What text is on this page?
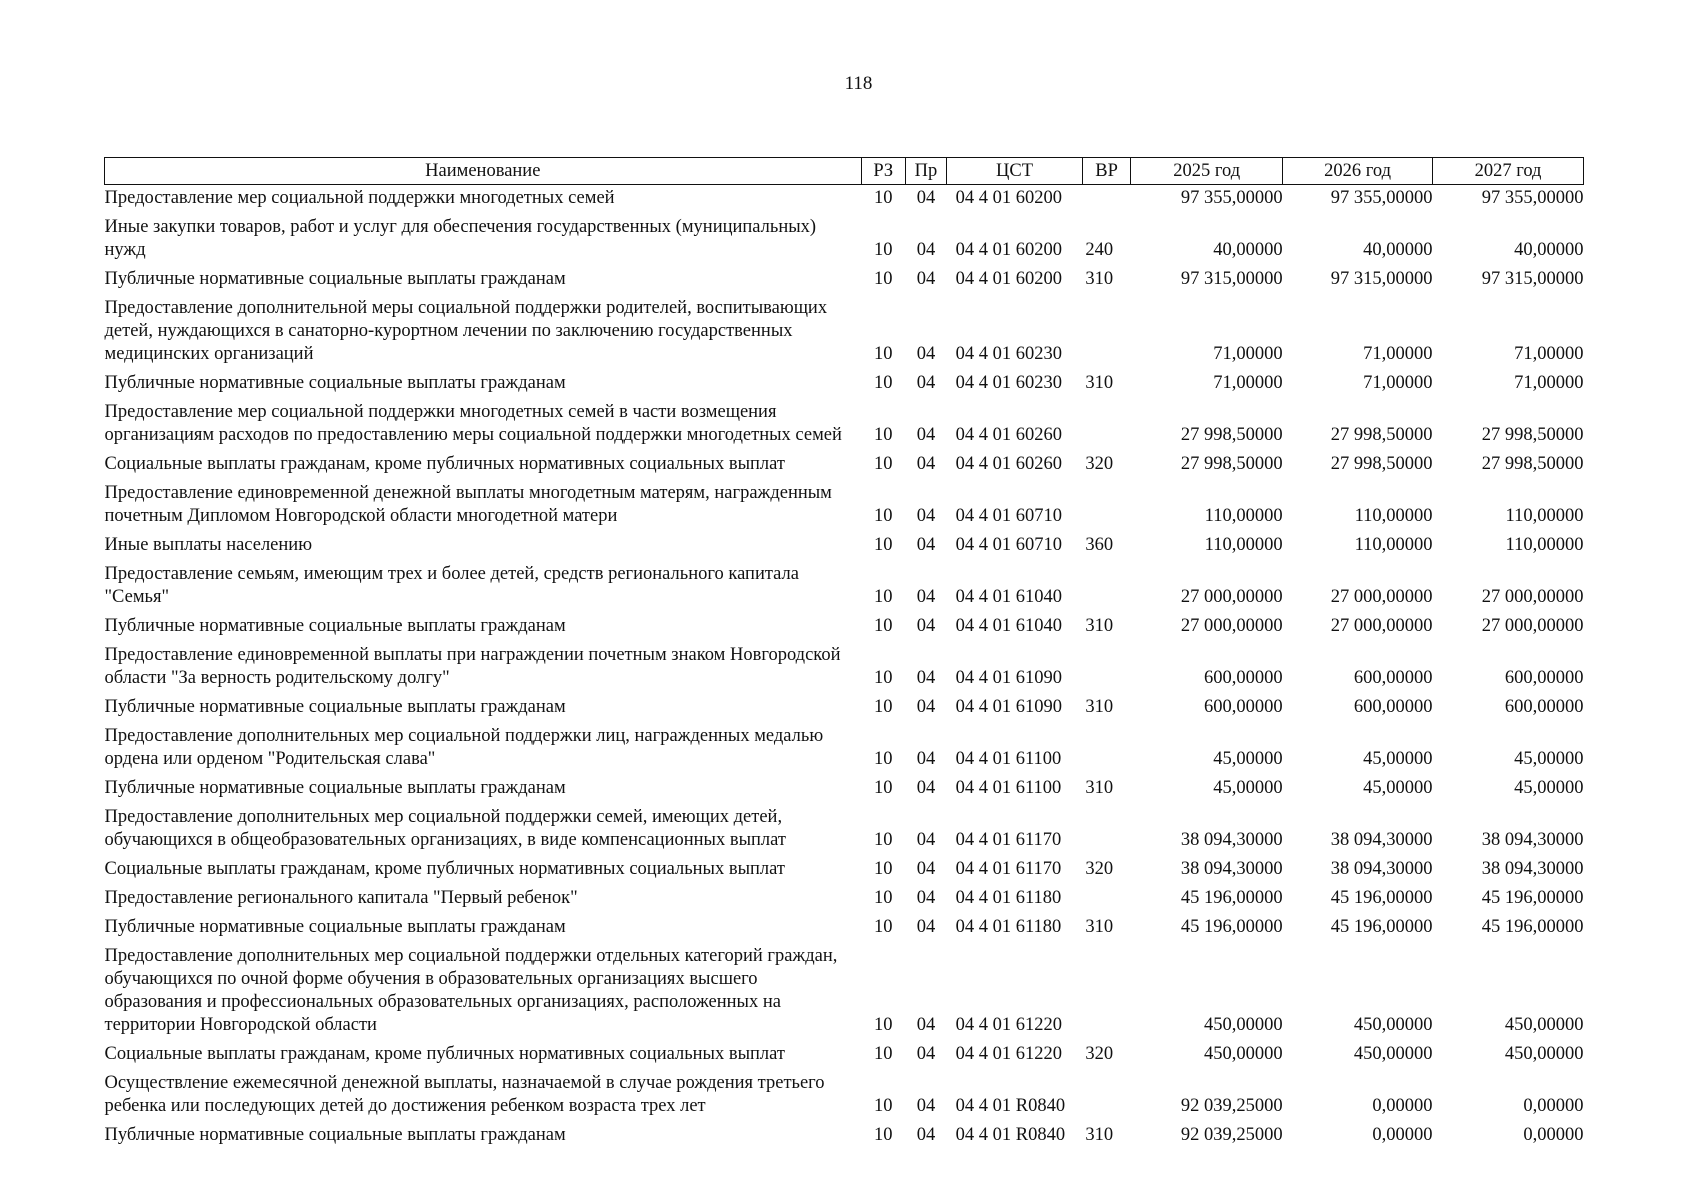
118
Наименование	РЗ	Пр	ЦСТ	ВР	2025 год	2026 год	2027 год
Предоставление мер социальной поддержки многодетных семей	10	04	04 4 01 60200		97 355,00000	97 355,00000	97 355,00000
Иные закупки товаров, работ и услуг для обеспечения государственных (муниципальных) нужд	10	04	04 4 01 60200	240	40,00000	40,00000	40,00000
Публичные нормативные социальные выплаты гражданам	10	04	04 4 01 60200	310	97 315,00000	97 315,00000	97 315,00000
Предоставление дополнительной меры социальной поддержки родителей, воспитывающих детей, нуждающихся в санаторно-курортном лечении по заключению государственных медицинских организаций	10	04	04 4 01 60230		71,00000	71,00000	71,00000
Публичные нормативные социальные выплаты гражданам	10	04	04 4 01 60230	310	71,00000	71,00000	71,00000
Предоставление мер социальной поддержки многодетных семей в части возмещения организациям расходов по предоставлению меры социальной поддержки многодетных семей	10	04	04 4 01 60260		27 998,50000	27 998,50000	27 998,50000
Социальные выплаты гражданам, кроме публичных нормативных социальных выплат	10	04	04 4 01 60260	320	27 998,50000	27 998,50000	27 998,50000
Предоставление единовременной денежной выплаты многодетным матерям, награжденным почетным Дипломом Новгородской области многодетной матери	10	04	04 4 01 60710		110,00000	110,00000	110,00000
Иные выплаты населению	10	04	04 4 01 60710	360	110,00000	110,00000	110,00000
Предоставление семьям, имеющим трех и более детей, средств регионального капитала "Семья"	10	04	04 4 01 61040		27 000,00000	27 000,00000	27 000,00000
Публичные нормативные социальные выплаты гражданам	10	04	04 4 01 61040	310	27 000,00000	27 000,00000	27 000,00000
Предоставление единовременной выплаты при награждении почетным знаком Новгородской области "За верность родительскому долгу"	10	04	04 4 01 61090		600,00000	600,00000	600,00000
Публичные нормативные социальные выплаты гражданам	10	04	04 4 01 61090	310	600,00000	600,00000	600,00000
Предоставление дополнительных мер социальной поддержки лиц, награжденных медалью ордена или орденом "Родительская слава"	10	04	04 4 01 61100		45,00000	45,00000	45,00000
Публичные нормативные социальные выплаты гражданам	10	04	04 4 01 61100	310	45,00000	45,00000	45,00000
Предоставление дополнительных мер социальной поддержки семей, имеющих детей, обучающихся в общеобразовательных организациях, в виде компенсационных выплат	10	04	04 4 01 61170		38 094,30000	38 094,30000	38 094,30000
Социальные выплаты гражданам, кроме публичных нормативных социальных выплат	10	04	04 4 01 61170	320	38 094,30000	38 094,30000	38 094,30000
Предоставление регионального капитала "Первый ребенок"	10	04	04 4 01 61180		45 196,00000	45 196,00000	45 196,00000
Публичные нормативные социальные выплаты гражданам	10	04	04 4 01 61180	310	45 196,00000	45 196,00000	45 196,00000
Предоставление дополнительных мер социальной поддержки отдельных категорий граждан, обучающихся по очной форме обучения в образовательных организациях высшего образования и профессиональных образовательных организациях, расположенных на территории Новгородской области	10	04	04 4 01 61220		450,00000	450,00000	450,00000
Социальные выплаты гражданам, кроме публичных нормативных социальных выплат	10	04	04 4 01 61220	320	450,00000	450,00000	450,00000
Осуществление ежемесячной денежной выплаты, назначаемой в случае рождения третьего ребенка или последующих детей до достижения ребенком возраста трех лет	10	04	04 4 01 R0840		92 039,25000	0,00000	0,00000
Публичные нормативные социальные выплаты гражданам	10	04	04 4 01 R0840	310	92 039,25000	0,00000	0,00000
